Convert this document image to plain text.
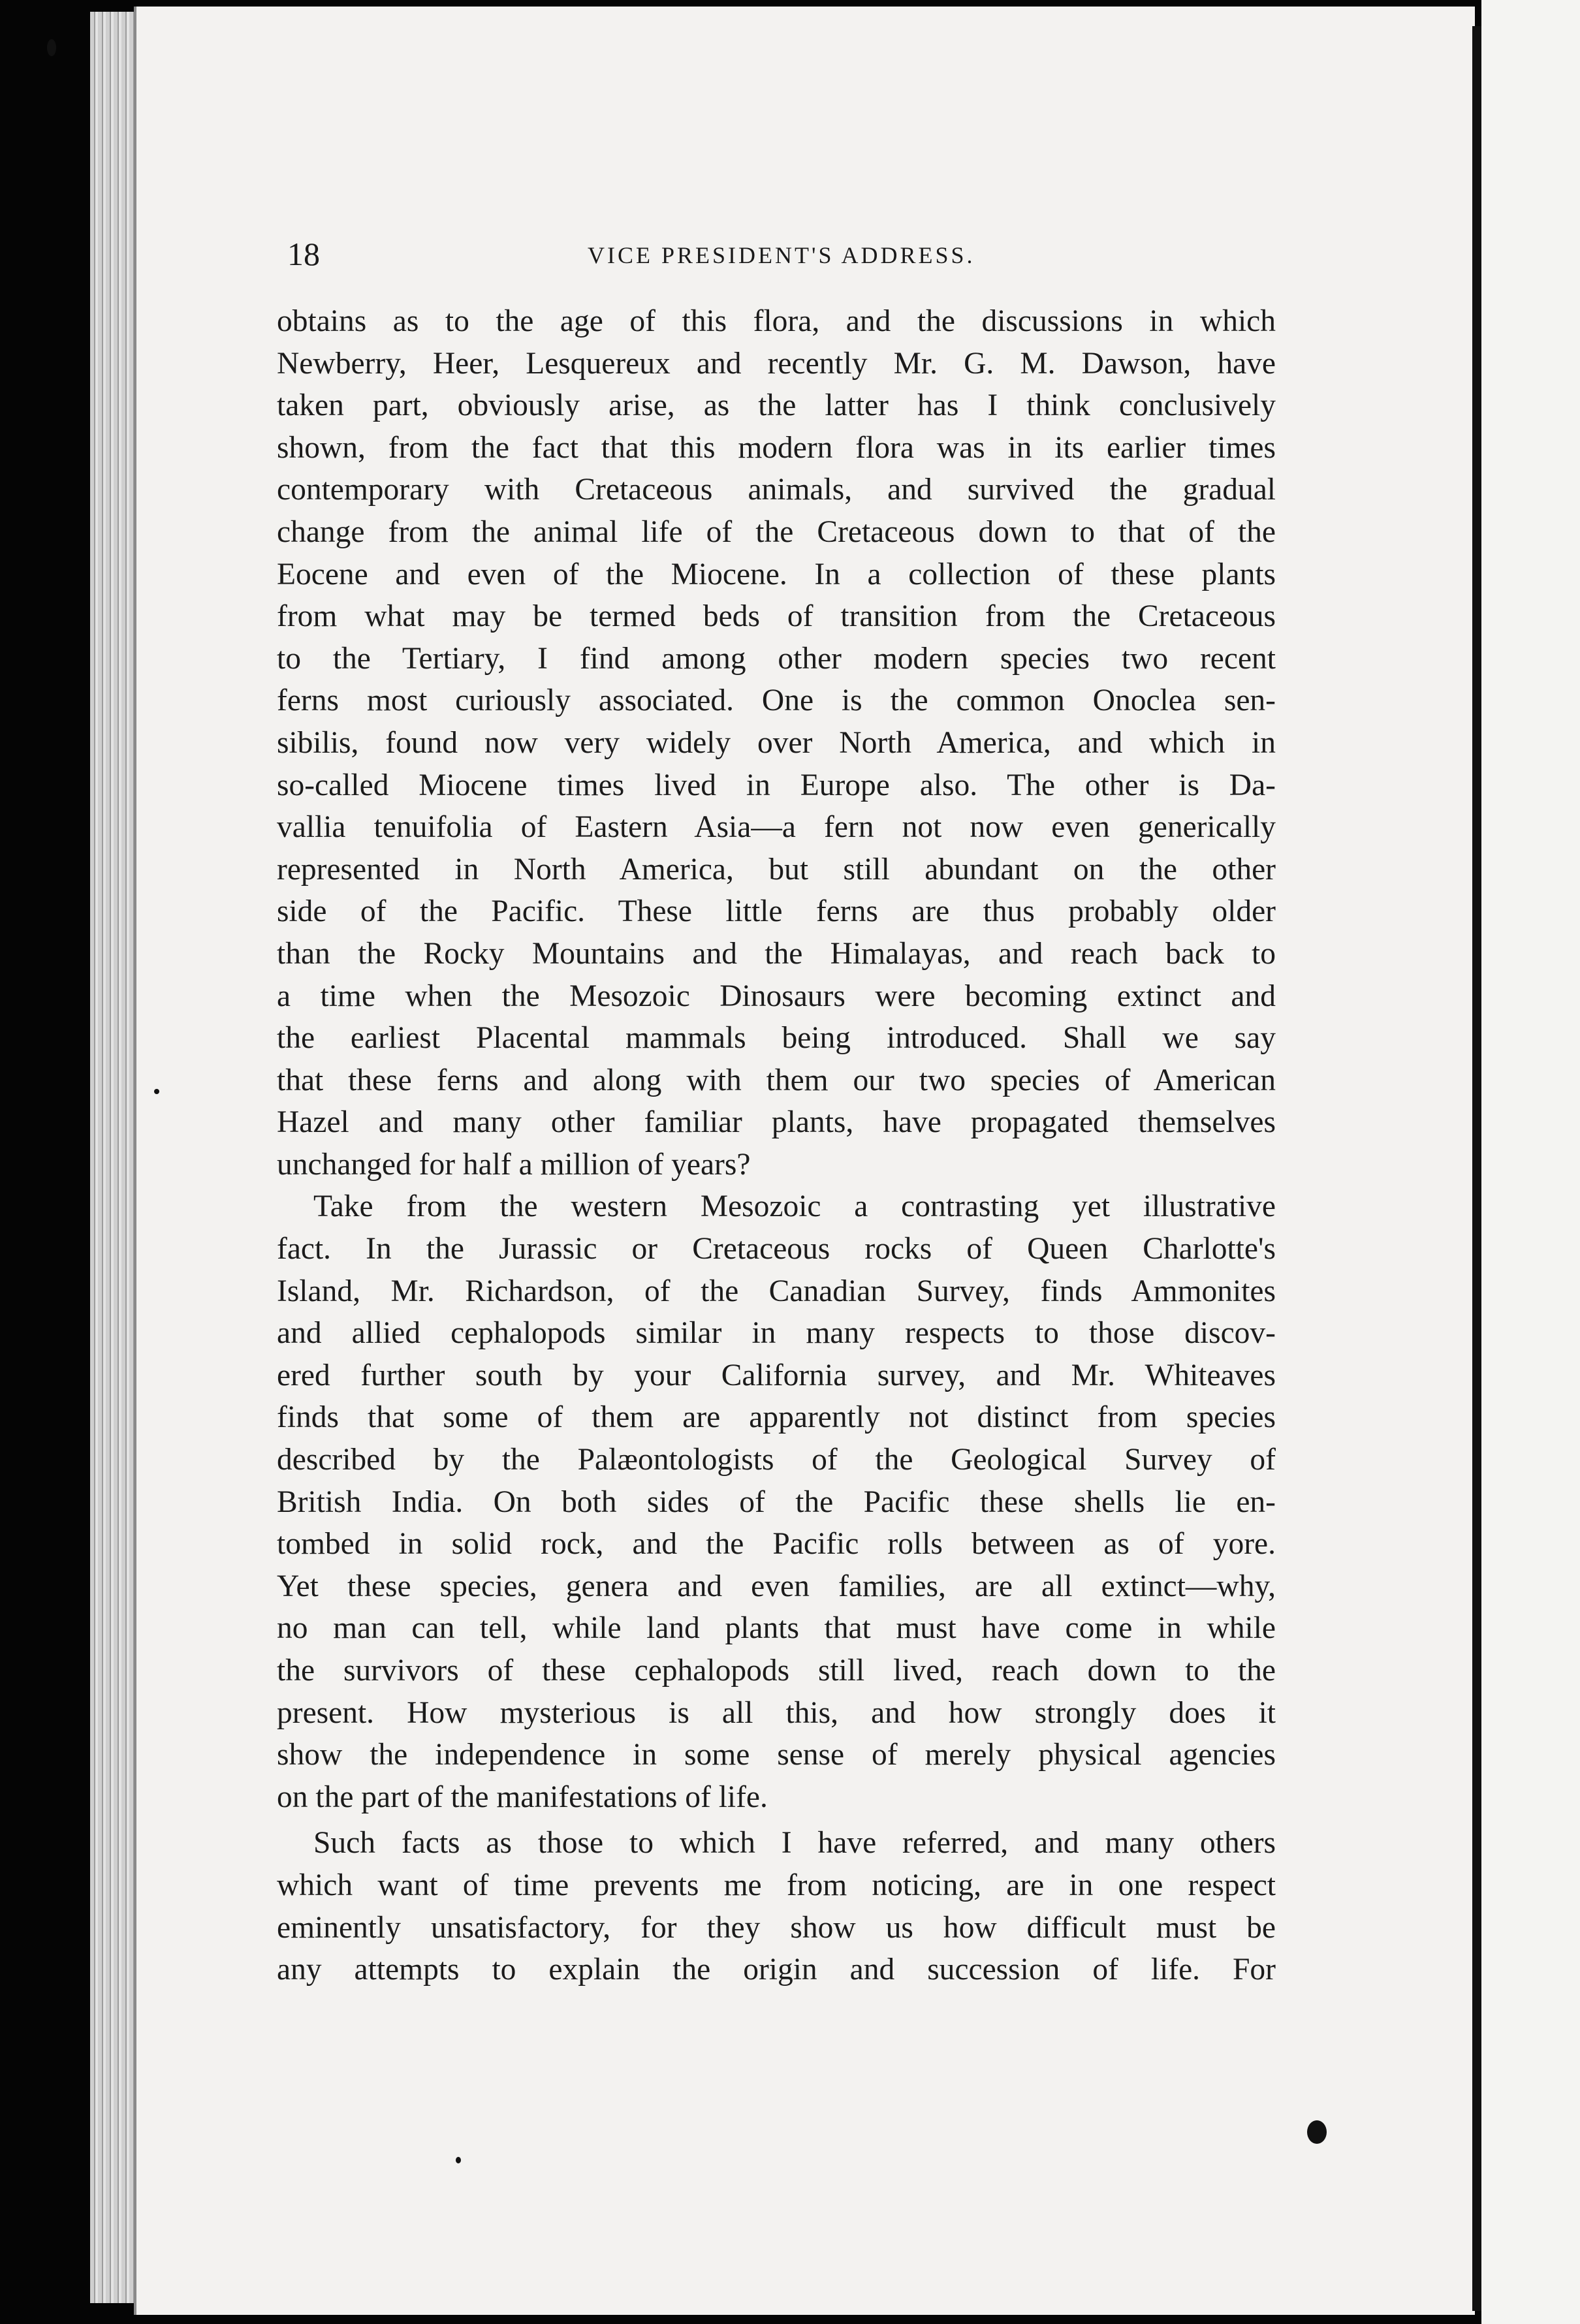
18	VICE PRESIDENT'S ADDRESS.
obtains as to the age of this flora, and the discussions in which
Newberry, Heer, Lesquereux and recently Mr. G. M. Dawson, have
taken part, obviously arise, as the latter has I think conclusively
shown, from the fact that this modern flora was in its earlier times
contemporary with Cretaceous animals, and survived the gradual
change from the animal life of the Cretaceous down to that of the
Eocene and even of the Miocene. In a collection of these plants
from what may be termed beds of transition from the Cretaceous
to the Tertiary, I find among other modern species two recent
ferns most curiously associated. One is the common Onoclea sen-
sibilis, found now very widely over North America, and which in
so-called Miocene times lived in Europe also. The other is Da-
vallia tenuifolia of Eastern Asia—a fern not now even generically
represented in North America, but still abundant on the other
side of the Pacific. These little ferns are thus probably older
than the Rocky Mountains and the Himalayas, and reach back to
a time when the Mesozoic Dinosaurs were becoming extinct and
the earliest Placental mammals being introduced. Shall we say
that these ferns and along with them our two species of American
Hazel and many other familiar plants, have propagated themselves
unchanged for half a million of years?
Take from the western Mesozoic a contrasting yet illustrative
fact. In the Jurassic or Cretaceous rocks of Queen Charlotte's
Island, Mr. Richardson, of the Canadian Survey, finds Ammonites
and allied cephalopods similar in many respects to those discov-
ered further south by your California survey, and Mr. Whiteaves
finds that some of them are apparently not distinct from species
described by the Palæontologists of the Geological Survey of
British India. On both sides of the Pacific these shells lie en-
tombed in solid rock, and the Pacific rolls between as of yore.
Yet these species, genera and even families, are all extinct—why,
no man can tell, while land plants that must have come in while
the survivors of these cephalopods still lived, reach down to the
present. How mysterious is all this, and how strongly does it
show the independence in some sense of merely physical agencies
on the part of the manifestations of life.
Such facts as those to which I have referred, and many others
which want of time prevents me from noticing, are in one respect
eminently unsatisfactory, for they show us how difficult must be
any attempts to explain the origin and succession of life. For
